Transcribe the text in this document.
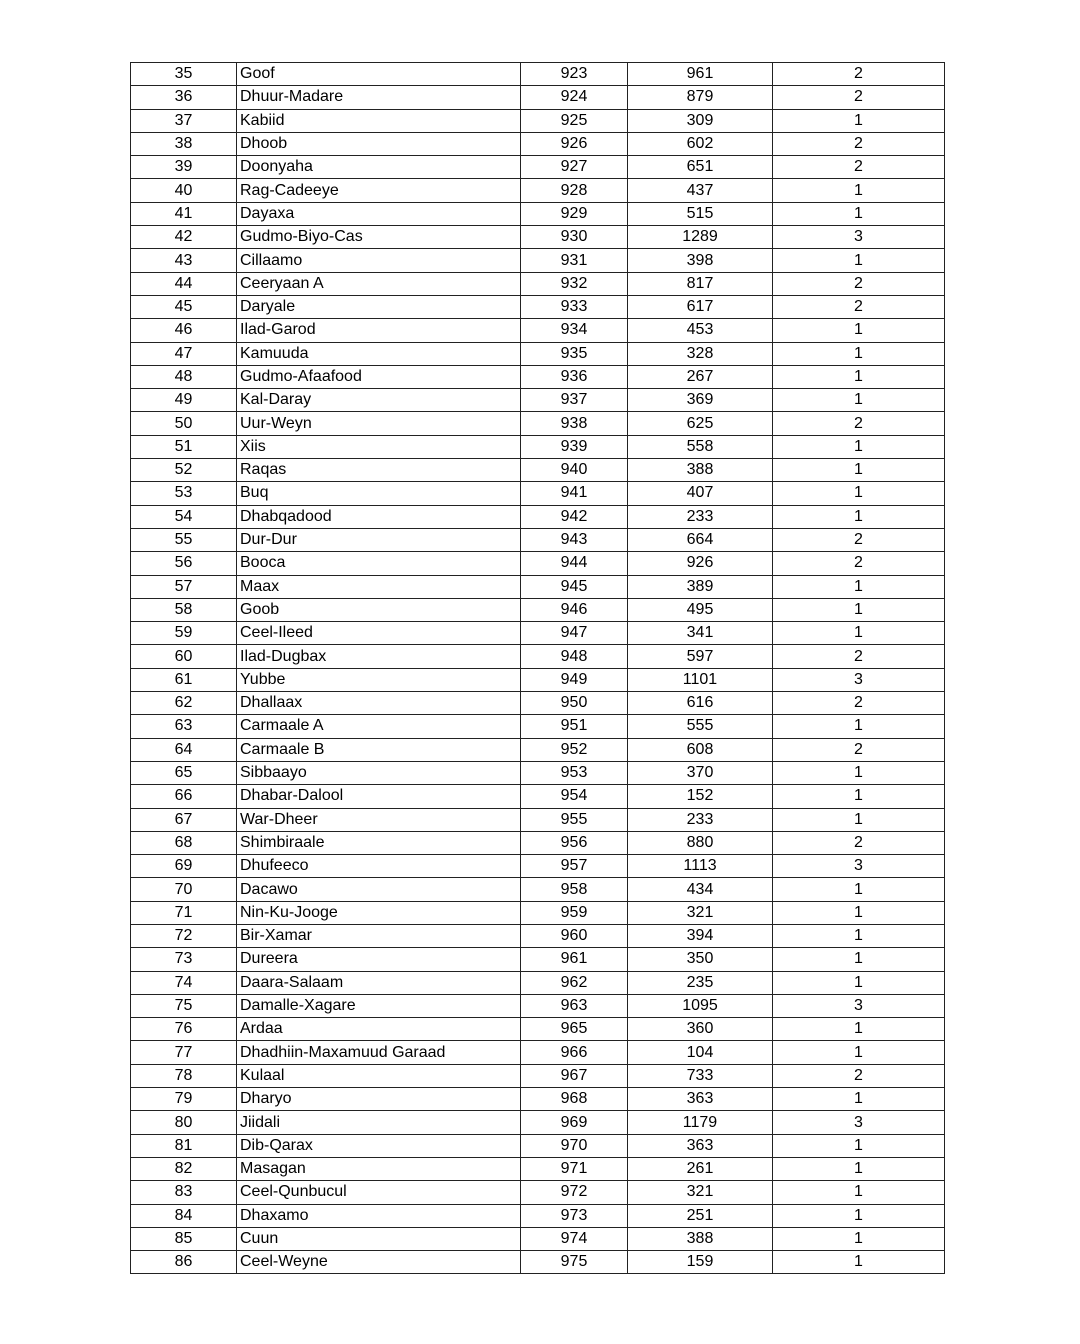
35	Goof	923	961	2
36	Dhuur-Madare	924	879	2
37	Kabiid	925	309	1
38	Dhoob	926	602	2
39	Doonyaha	927	651	2
40	Rag-Cadeeye	928	437	1
41	Dayaxa	929	515	1
42	Gudmo-Biyo-Cas	930	1289	3
43	Cillaamo	931	398	1
44	Ceeryaan A	932	817	2
45	Daryale	933	617	2
46	Ilad-Garod	934	453	1
47	Kamuuda	935	328	1
48	Gudmo-Afaafood	936	267	1
49	Kal-Daray	937	369	1
50	Uur-Weyn	938	625	2
51	Xiis	939	558	1
52	Raqas	940	388	1
53	Buq	941	407	1
54	Dhabqadood	942	233	1
55	Dur-Dur	943	664	2
56	Booca	944	926	2
57	Maax	945	389	1
58	Goob	946	495	1
59	Ceel-Ileed	947	341	1
60	Ilad-Dugbax	948	597	2
61	Yubbe	949	1101	3
62	Dhallaax	950	616	2
63	Carmaale A	951	555	1
64	Carmaale B	952	608	2
65	Sibbaayo	953	370	1
66	Dhabar-Dalool	954	152	1
67	War-Dheer	955	233	1
68	Shimbiraale	956	880	2
69	Dhufeeco	957	1113	3
70	Dacawo	958	434	1
71	Nin-Ku-Jooge	959	321	1
72	Bir-Xamar	960	394	1
73	Dureera	961	350	1
74	Daara-Salaam	962	235	1
75	Damalle-Xagare	963	1095	3
76	Ardaa	965	360	1
77	Dhadhiin-Maxamuud Garaad	966	104	1
78	Kulaal	967	733	2
79	Dharyo	968	363	1
80	Jiidali	969	1179	3
81	Dib-Qarax	970	363	1
82	Masagan	971	261	1
83	Ceel-Qunbucul	972	321	1
84	Dhaxamo	973	251	1
85	Cuun	974	388	1
86	Ceel-Weyne	975	159	1
